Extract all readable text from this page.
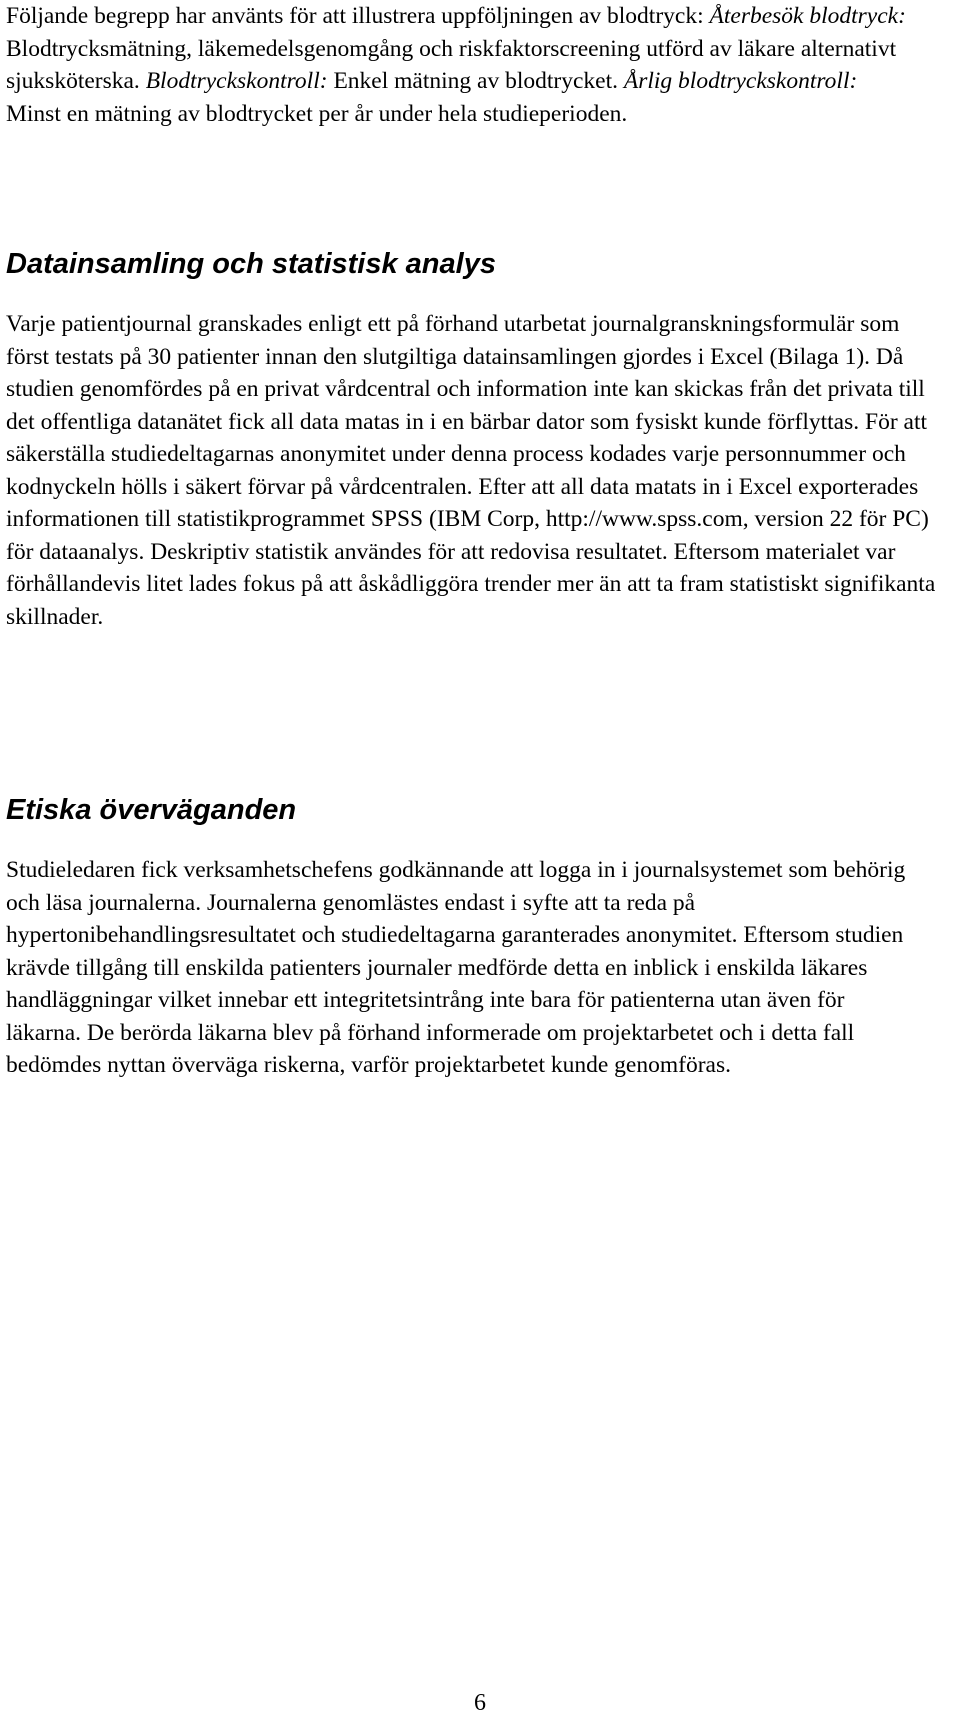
Följande begrepp har använts för att illustrera uppföljningen av blodtryck: Återbesök blodtryck: Blodtrycksmätning, läkemedelsgenomgång och riskfaktorscreening utförd av läkare alternativt sjuksköterska. Blodtryckskontroll: Enkel mätning av blodtrycket. Årlig blodtryckskontroll: Minst en mätning av blodtrycket per år under hela studieperioden.

Datainsamling och statistisk analys

Varje patientjournal granskades enligt ett på förhand utarbetat journalgranskningsformulär som först testats på 30 patienter innan den slutgiltiga datainsamlingen gjordes i Excel (Bilaga 1). Då studien genomfördes på en privat vårdcentral och information inte kan skickas från det privata till det offentliga datanätet fick all data matas in i en bärbar dator som fysiskt kunde förflyttas. För att säkerställa studiedeltagarnas anonymitet under denna process kodades varje personnummer och kodnyckeln hölls i säkert förvar på vårdcentralen. Efter att all data matats in i Excel exporterades informationen till statistikprogrammet SPSS (IBM Corp, http://www.spss.com, version 22 för PC) för dataanalys. Deskriptiv statistik användes för att redovisa resultatet. Eftersom materialet var förhållandevis litet lades fokus på att åskådliggöra trender mer än att ta fram statistiskt signifikanta skillnader.

Etiska överväganden

Studieledaren fick verksamhetschefens godkännande att logga in i journalsystemet som behörig och läsa journalerna. Journalerna genomlästes endast i syfte att ta reda på hypertonibehandlingsresultatet och studiedeltagarna garanterades anonymitet. Eftersom studien krävde tillgång till enskilda patienters journaler medförde detta en inblick i enskilda läkares handläggningar vilket innebar ett integritetsintrång inte bara för patienterna utan även för läkarna. De berörda läkarna blev på förhand informerade om projektarbetet och i detta fall bedömdes nyttan överväga riskerna, varför projektarbetet kunde genomföras.

6
